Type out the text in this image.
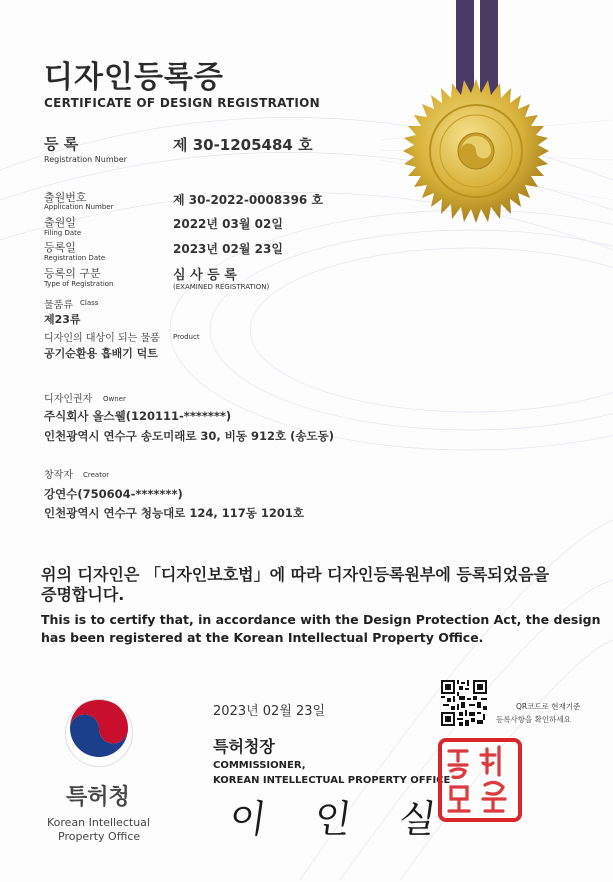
디자인등록증
CERTIFICATE OF DESIGN REGISTRATION
등 록
Registration Number
제 30-1205484 호
출원번호
Application Number	제 30-2022-0008396 호
출원일
Filing Date
2022년 03월 02일
등록일
Registration Date
2023년 02월 23일
등록의 구분
Type of Registration
심 사 등 록
(EXAMINED REGISTRATION)
물품류 Class
제23류
디자인의 대상이 되는 물품 Product
공기순환용 흡배기 덕트
디자인권자 Owner
주식회사 올스웰(120111-*******)
인천광역시 연수구 송도미래로 30, 비동 912호 (송도동)
창작자 Creator
강연수(750604-*******)
인천광역시 연수구 청능대로 124, 117동 1201호
위의 디자인은 「디자인보호법」에 따라 디자인등록원부에 등록되었음을
증명합니다.
This is to certify that, in accordance with the Design Protection Act, the design
has been registered at the Korean Intellectual Property Office.
2023년 02월 23일	QR코드로 현재기준
등록사항을 확인하세요
특허청장
COMMISSIONER,
KOREAN INTELLECTUAL PROPERTY OFFICE
이 인 실
특허청
Korean Intellectual
Property Office
